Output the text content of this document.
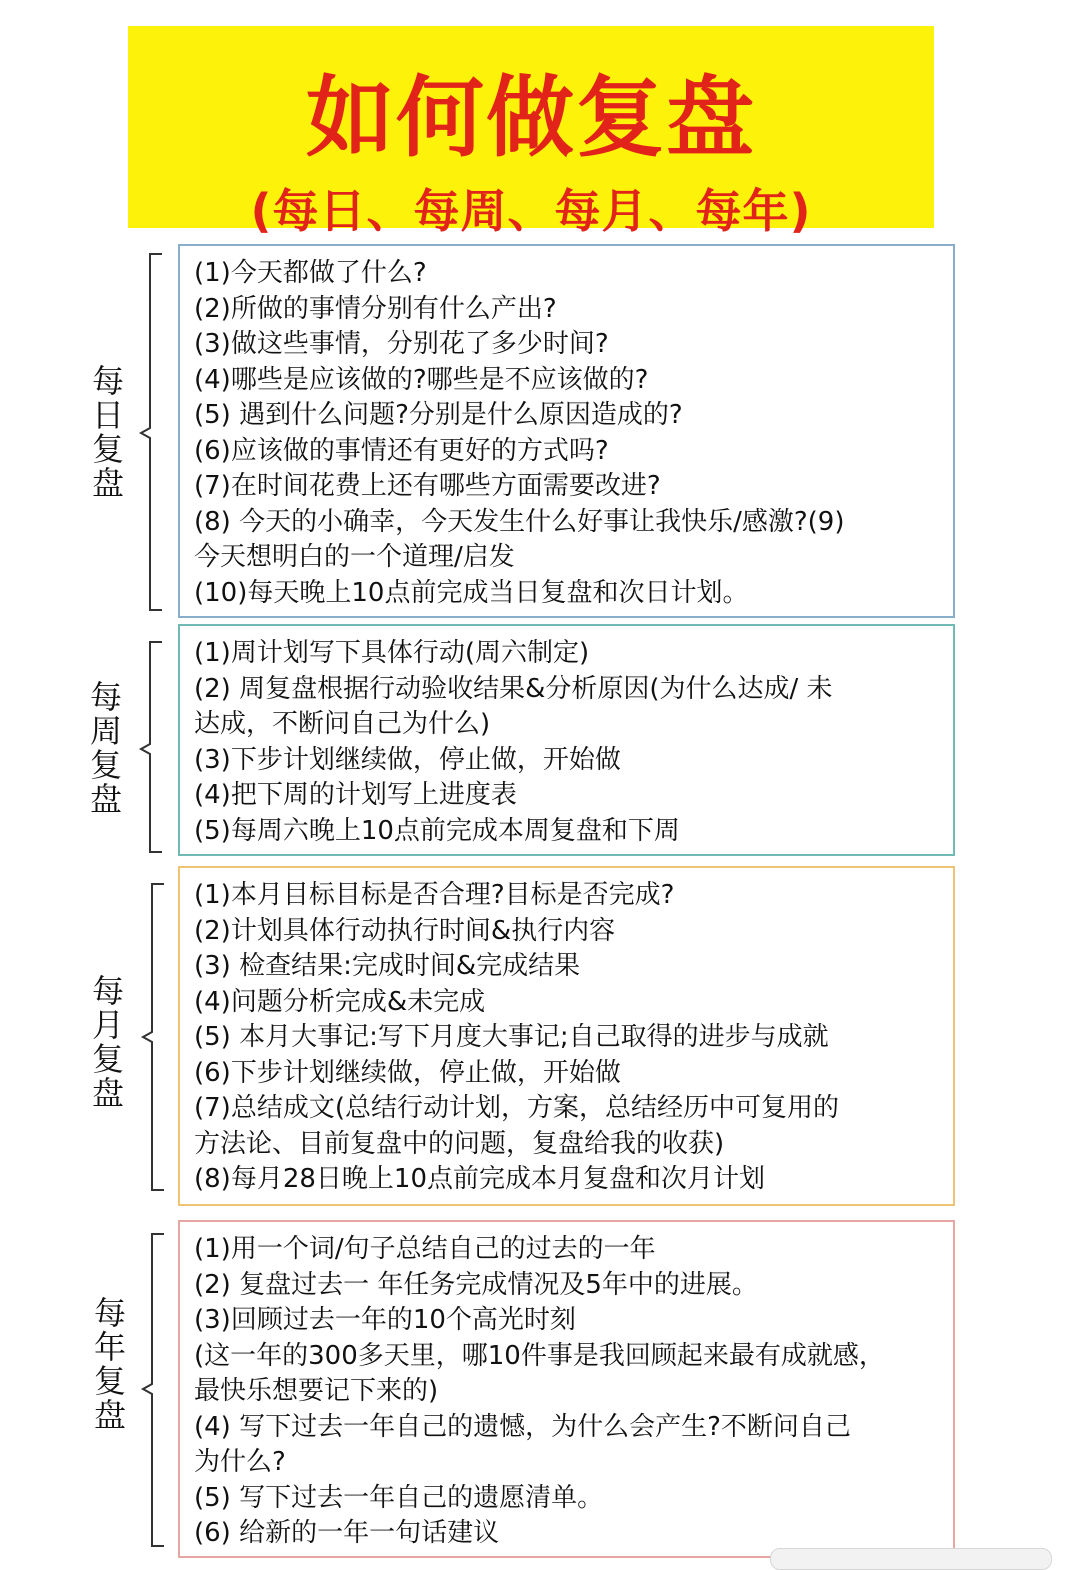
如何做复盘
(每日、每周、每月、每年)
每
日
复
盘
(1)今天都做了什么?
(2)所做的事情分别有什么产出?
(3)做这些事情，分别花了多少时间?
(4)哪些是应该做的?哪些是不应该做的?
(5) 遇到什么问题?分别是什么原因造成的?
(6)应该做的事情还有更好的方式吗?
(7)在时间花费上还有哪些方面需要改进?
(8) 今天的小确幸，今天发生什么好事让我快乐/感激?(9)
今天想明白的一个道理/启发
(10)每天晚上10点前完成当日复盘和次日计划。
每
周
复
盘
(1)周计划写下具体行动(周六制定)
(2) 周复盘根据行动验收结果&分析原因(为什么达成/ 未
达成，不断问自己为什么)
(3)下步计划继续做，停止做，开始做
(4)把下周的计划写上进度表
(5)每周六晚上10点前完成本周复盘和下周
每
月
复
盘
(1)本月目标目标是否合理?目标是否完成?
(2)计划具体行动执行时间&执行内容
(3) 检查结果:完成时间&完成结果
(4)问题分析完成&未完成
(5) 本月大事记:写下月度大事记;自己取得的进步与成就
(6)下步计划继续做，停止做，开始做
(7)总结成文(总结行动计划，方案，总结经历中可复用的
方法论、目前复盘中的问题，复盘给我的收获)
(8)每月28日晚上10点前完成本月复盘和次月计划
每
年
复
盘
(1)用一个词/句子总结自己的过去的一年
(2) 复盘过去一 年任务完成情况及5年中的进展。
(3)回顾过去一年的10个高光时刻
(这一年的300多天里，哪10件事是我回顾起来最有成就感，
最快乐想要记下来的)
(4) 写下过去一年自己的遗憾，为什么会产生?不断问自己
为什么?
(5) 写下过去一年自己的遗愿清单。
(6) 给新的一年一句话建议
